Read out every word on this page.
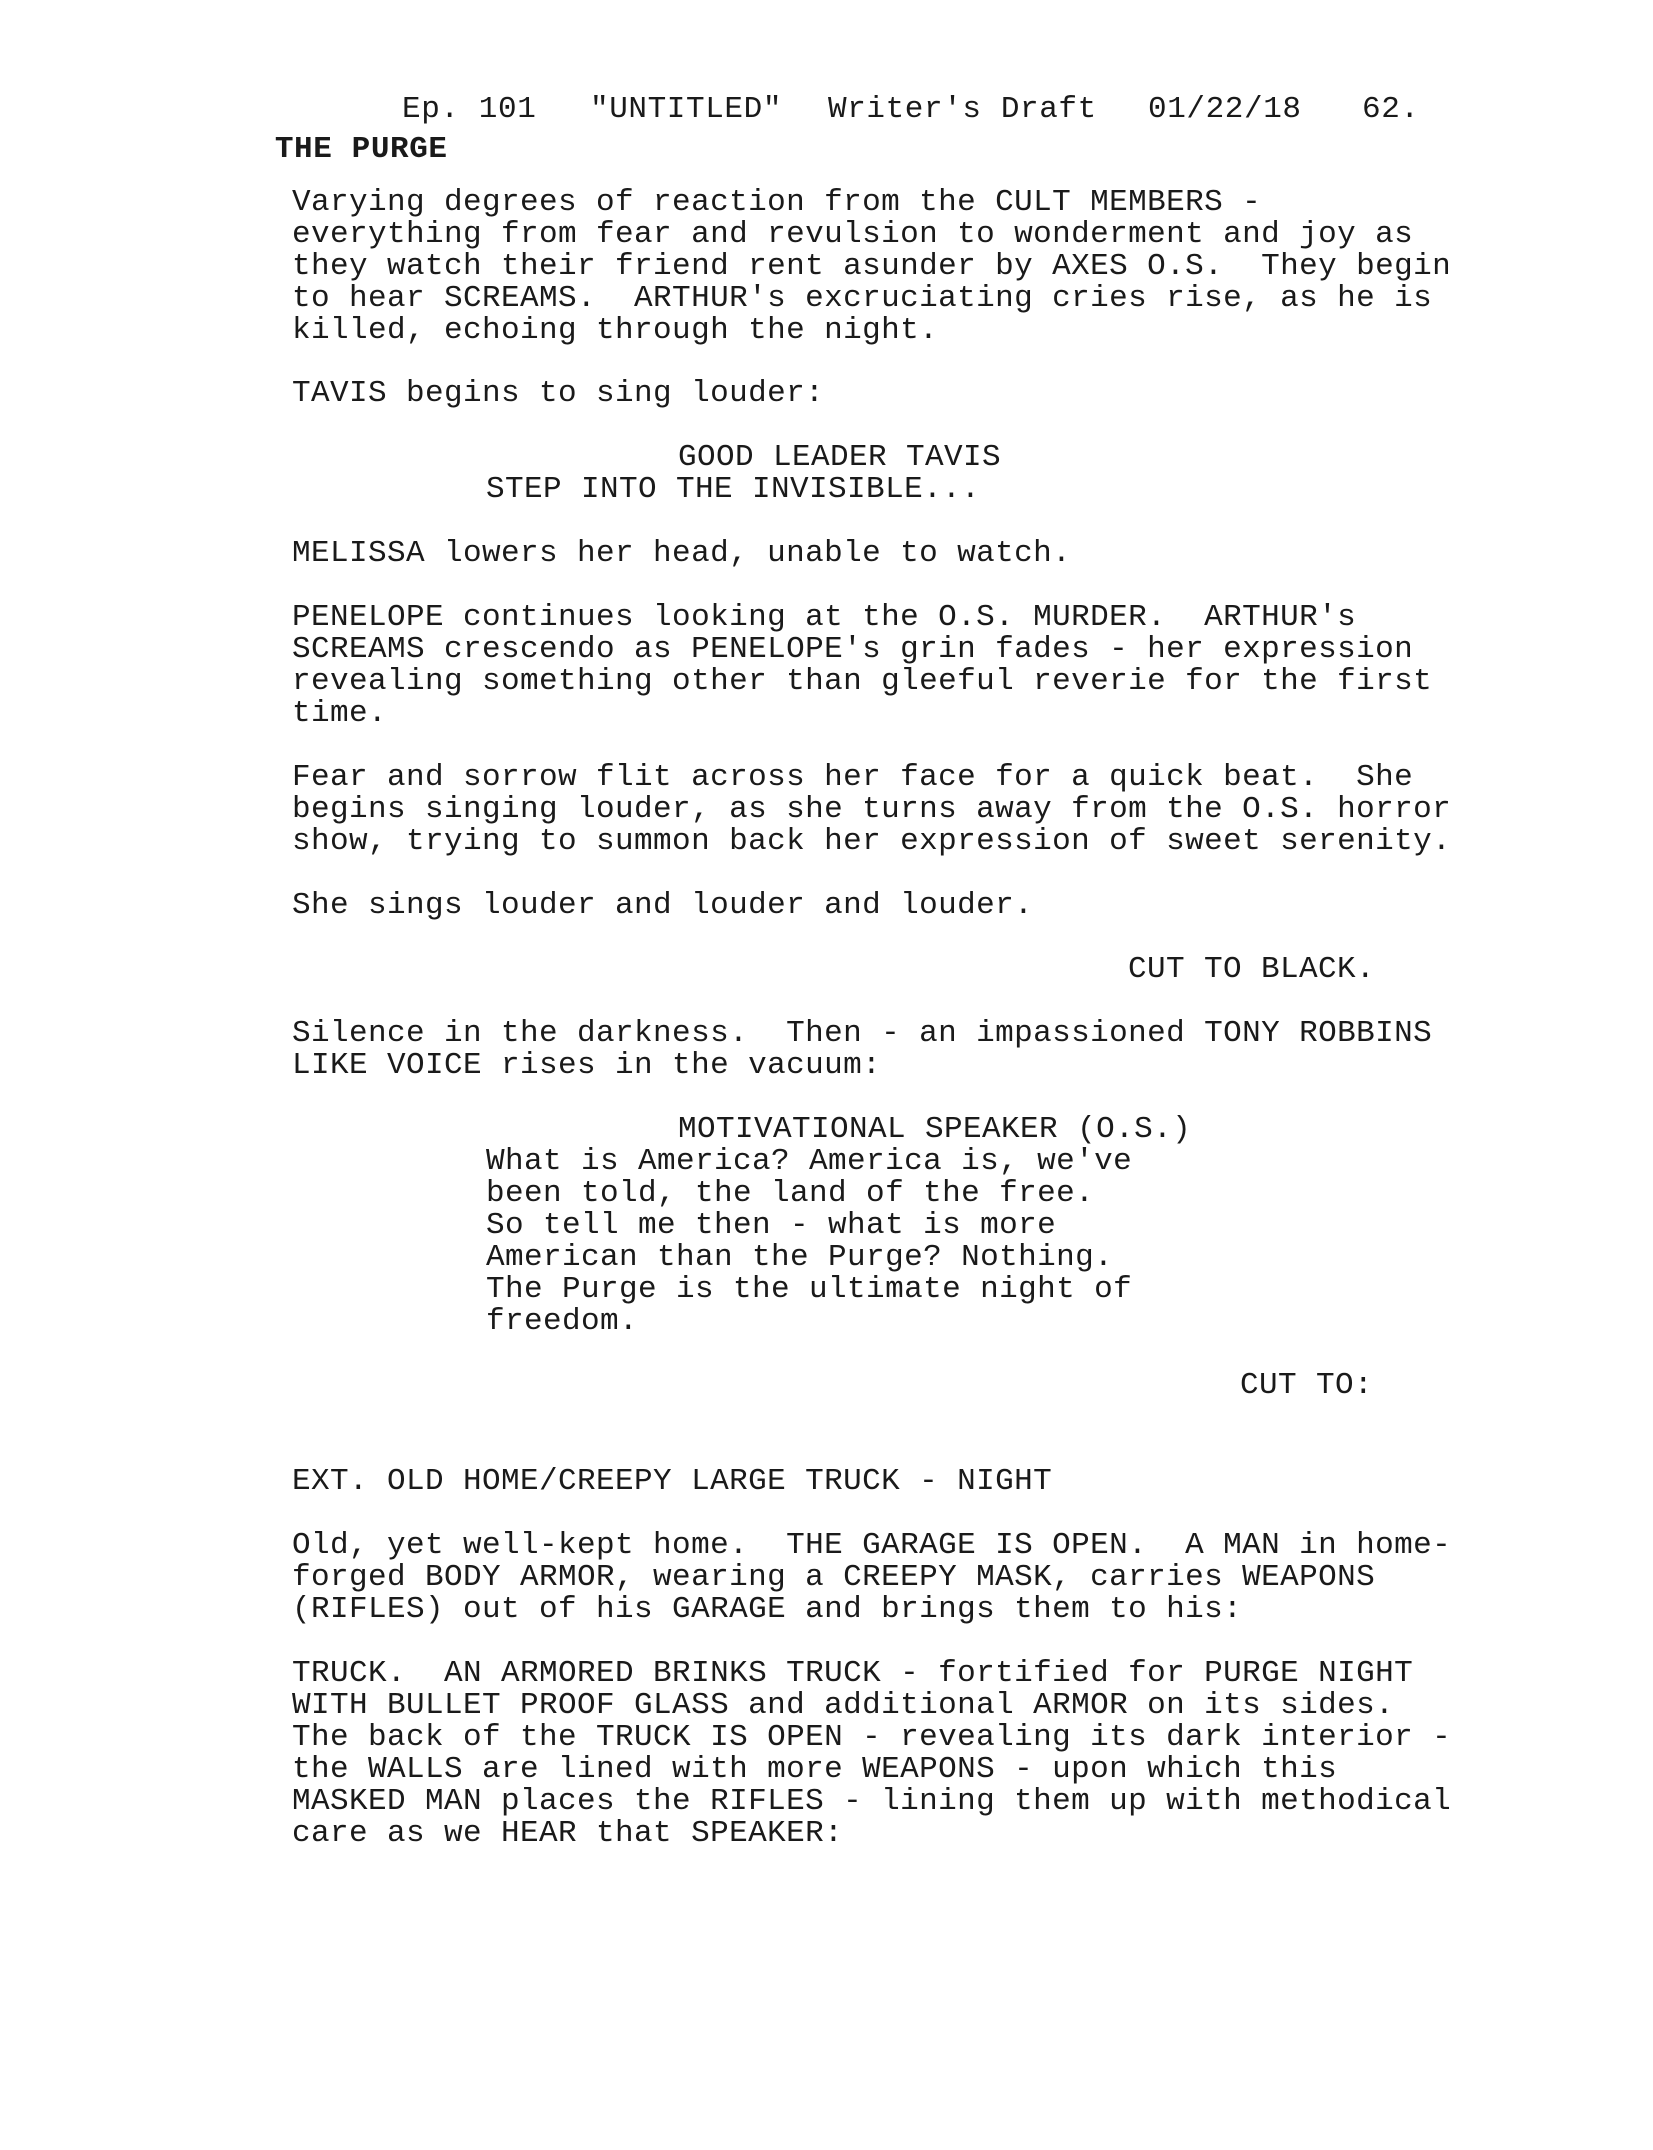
THE PURGE

Ep. 101

"UNTITLED"

Writer's Draft

01/22/18

62.

Varying degrees of reaction from the CULT MEMBERS -
everything from fear and revulsion to wonderment and joy as
they watch their friend rent asunder by AXES O.S.  They begin
to hear SCREAMS.  ARTHUR's excruciating cries rise, as he is
killed, echoing through the night.
TAVIS begins to sing louder:
GOOD LEADER TAVIS
STEP INTO THE INVISIBLE...
MELISSA lowers her head, unable to watch.
PENELOPE continues looking at the O.S. MURDER.  ARTHUR's
SCREAMS crescendo as PENELOPE's grin fades - her expression
revealing something other than gleeful reverie for the first
time.
Fear and sorrow flit across her face for a quick beat.  She
begins singing louder, as she turns away from the O.S. horror
show, trying to summon back her expression of sweet serenity.
She sings louder and louder and louder.
CUT TO BLACK.
Silence in the darkness.  Then - an impassioned TONY ROBBINS
LIKE VOICE rises in the vacuum:
MOTIVATIONAL SPEAKER (O.S.)
What is America? America is, we've
been told, the land of the free.
So tell me then - what is more
American than the Purge? Nothing.
The Purge is the ultimate night of
freedom.
CUT TO:
EXT. OLD HOME/CREEPY LARGE TRUCK - NIGHT
Old, yet well-kept home.  THE GARAGE IS OPEN.  A MAN in home-
forged BODY ARMOR, wearing a CREEPY MASK, carries WEAPONS
(RIFLES) out of his GARAGE and brings them to his:
TRUCK.  AN ARMORED BRINKS TRUCK - fortified for PURGE NIGHT
WITH BULLET PROOF GLASS and additional ARMOR on its sides.
The back of the TRUCK IS OPEN - revealing its dark interior -
the WALLS are lined with more WEAPONS - upon which this
MASKED MAN places the RIFLES - lining them up with methodical
care as we HEAR that SPEAKER:
